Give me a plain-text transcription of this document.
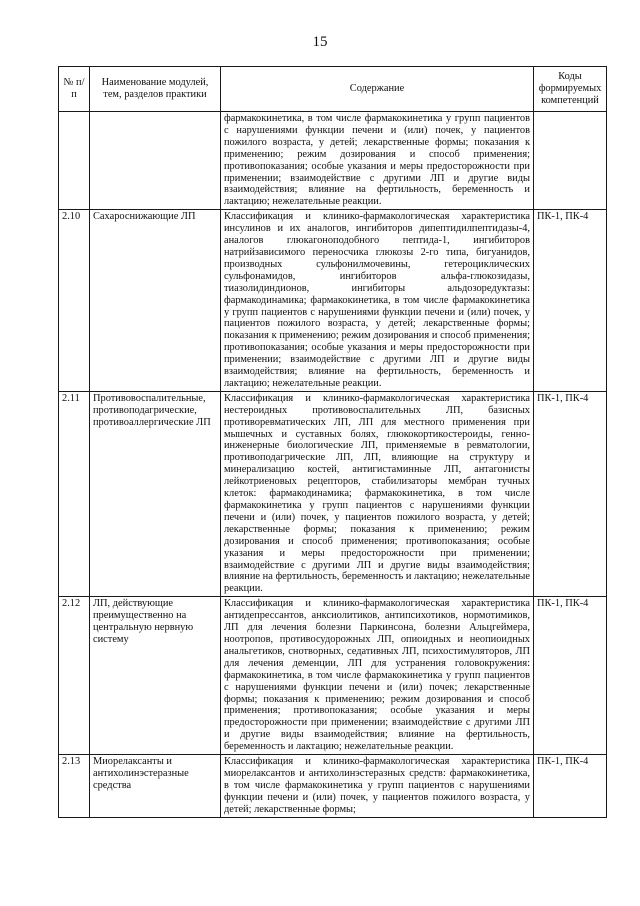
15
№ п/п	Наименование модулей, тем, разделов практики	Содержание	Коды формируемых компетенций
		фармакокинетика, в том числе фармакокинетика у групп пациентов с нарушениями функции печени и (или) почек, у пациентов пожилого возраста, у детей; лекарственные формы; показания к применению; режим дозирования и способ применения; противопоказания; особые указания и меры предосторожности при применении; взаимодействие с другими ЛП и другие виды взаимодействия; влияние на фертильность, беременность и лактацию; нежелательные реакции.	
2.10	Сахароснижающие ЛП	Классификация и клинико-фармакологическая характеристика инсулинов и их аналогов, ингибиторов дипептидилпептидазы-4, аналогов глюкагоноподобного пептида-1, ингибиторов натрийзависимого переносчика глюкозы 2-го типа, бигуанидов, производных сульфонилмочевины, гетероциклических сульфонамидов, ингибиторов альфа-глюкозидазы, тиазолидиндионов, ингибиторы альдозоредуктазы: фармакодинамика; фармакокинетика, в том числе фармакокинетика у групп пациентов с нарушениями функции печени и (или) почек, у пациентов пожилого возраста, у детей; лекарственные формы; показания к применению; режим дозирования и способ применения; противопоказания; особые указания и меры предосторожности при применении; взаимодействие с другими ЛП и другие виды взаимодействия; влияние на фертильность, беременность и лактацию; нежелательные реакции.	ПК-1, ПК-4
2.11	Противовоспалительные, противоподагрические, противоаллергические ЛП	Классификация и клинико-фармакологическая характеристика нестероидных противовоспалительных ЛП, базисных противоревматических ЛП, ЛП для местного применения при мышечных и суставных болях, глюкокортикостероиды, генно-инженерные биологические ЛП, применяемые в ревматологии, противоподагрические ЛП, ЛП, влияющие на структуру и минерализацию костей, антигистаминные ЛП, антагонисты лейкотриеновых рецепторов, стабилизаторы мембран тучных клеток: фармакодинамика; фармакокинетика, в том числе фармакокинетика у групп пациентов с нарушениями функции печени и (или) почек, у пациентов пожилого возраста, у детей; лекарственные формы; показания к применению; режим дозирования и способ применения; противопоказания; особые указания и меры предосторожности при применении; взаимодействие с другими ЛП и другие виды взаимодействия; влияние на фертильность, беременность и лактацию; нежелательные реакции.	ПК-1, ПК-4
2.12	ЛП, действующие преимущественно на центральную нервную систему	Классификация и клинико-фармакологическая характеристика антидепрессантов, анксиолитиков, антипсихотиков, нормотимиков, ЛП для лечения болезни Паркинсона, болезни Альцгеймера, ноотропов, противосудорожных ЛП, опиоидных и неопиоидных анальгетиков, снотворных, седативных ЛП, психостимуляторов, ЛП для лечения деменции, ЛП для устранения головокружения: фармакокинетика, в том числе фармакокинетика у групп пациентов с нарушениями функции печени и (или) почек; лекарственные формы; показания к применению; режим дозирования и способ применения; противопоказания; особые указания и меры предосторожности при применении; взаимодействие с другими ЛП и другие виды взаимодействия; влияние на фертильность, беременность и лактацию; нежелательные реакции.	ПК-1, ПК-4
2.13	Миорелаксанты и антихолинэстеразные средства	Классификация и клинико-фармакологическая характеристика миорелаксантов и антихолинэстеразных средств: фармакокинетика, в том числе фармакокинетика у групп пациентов с нарушениями функции печени и (или) почек, у пациентов пожилого возраста, у детей; лекарственные формы;	ПК-1, ПК-4
